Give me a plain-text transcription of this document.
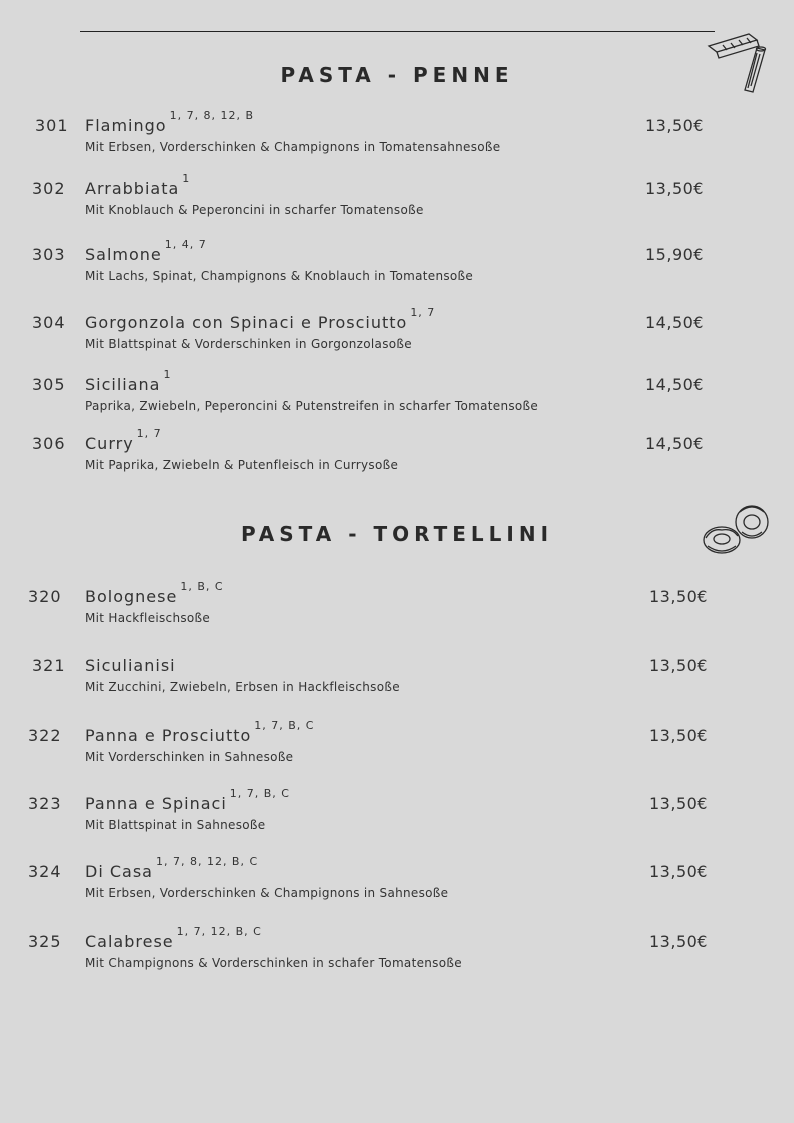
PASTA - PENNE
301 Flamingo$^{1, 7, 8, 12, B}$
13,50€
Mit Erbsen, Vorderschinken & Champignons in Tomatensahnesoße
302 Arrabbiata$^1$
13,50€
Mit Knoblauch & Peperoncini in scharfer Tomatensoße
303 Salmone$^{1, 4, 7}$
15,90€
Mit Lachs, Spinat, Champignons & Knoblauch in Tomatensoße
304 Gorgonzola con Spinaci e Prosciutto$^{1, 7}$
14,50€
Mit Blattspinat & Vorderschinken in Gorgonzolasoße
305 Siciliana$^1$
14,50€
Paprika, Zwiebeln, Peperoncini & Putenstreifen in scharfer Tomatensoße
306 Curry$^{1, 7}$
14,50€
Mit Paprika, Zwiebeln & Putenfleisch in Currysoße
PASTA - TORTELLINI
320 Bolognese$^{1, B, C}$
13,50€
Mit Hackfleischsoße
321 Siculianisi	13,50€
Mit Zucchini, Zwiebeln, Erbsen in Hackfleischsoße
322 Panna e Prosciutto$^{1, 7, B, C}$
13,50€
Mit Vorderschinken in Sahnesoße
323 Panna e Spinaci$^{1, 7, B, C}$
13,50€
Mit Blattspinat in Sahnesoße
324 Di Casa$^{1, 7, 8, 12, B, C}$
13,50€
Mit Erbsen, Vorderschinken & Champignons in Sahnesoße
325 Calabrese$^{1, 7, 12, B, C}$
13,50€
Mit Champignons & Vorderschinken in schafer Tomatensoße
